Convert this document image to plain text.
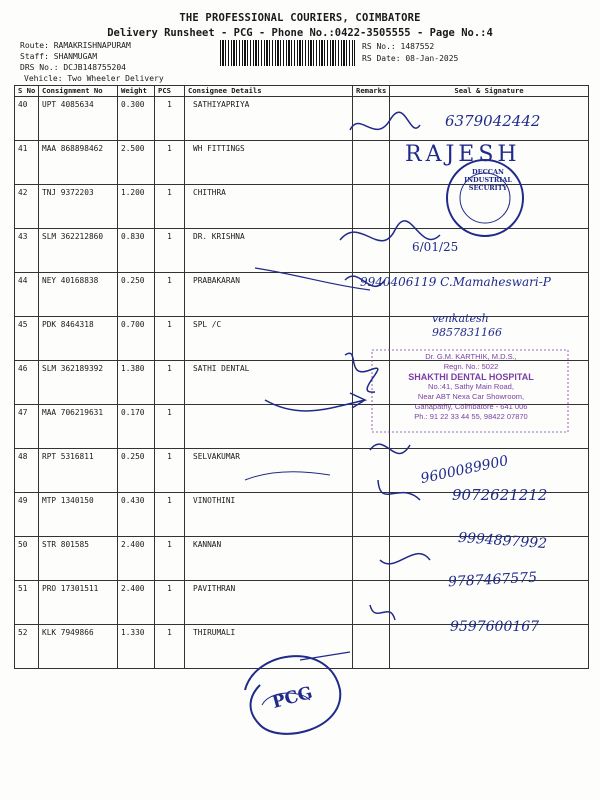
THE PROFESSIONAL COURIERS, COIMBATORE
Delivery Runsheet - PCG - Phone No.:0422-3505555 - Page No.:4
Route: RAMAKRISHNAPURAM
Staff: SHANMUGAM
DRS No.: DCJB148755204
Vehicle: Two Wheeler Delivery
RS No.: 1487552
RS Date: 08-Jan-2025
S No	Consignment No	Weight	PCS	Consignee Details	Remarks	Seal & Signature
40	UPT 4085634	0.300	1	SATHIYAPRIYA		
41	MAA 868898462	2.500	1	WH FITTINGS		
42	TNJ 9372203	1.200	1	CHITHRA		
43	SLM 362212860	0.830	1	DR. KRISHNA		
44	NEY 40168838	0.250	1	PRABAKARAN		
45	PDK 8464318	0.700	1	SPL /C		
46	SLM 362189392	1.380	1	SATHI DENTAL		
47	MAA 706219631	0.170	1			
48	RPT 5316811	0.250	1	SELVAKUMAR		
49	MTP 1340150	0.430	1	VINOTHINI		
50	STR 801585	2.400	1	KANNAN		
51	PRO 17301511	2.400	1	PAVITHRAN		
52	KLK 7949866	1.330	1	THIRUMALI		
6379042442
RAJESH
6/01/25
9940406119 C.Mamaheswari-P
venkatesh 9857831166
9600089900
9072621212
9994897992
9787467575
9597600167
PCG
DECCAN INDUSTRIAL SECURITY
Dr. G.M. KARTHIK, M.D.S.,
Regn. No.: 5022
SHAKTHI DENTAL HOSPITAL
No.:41, Sathy Main Road,
Near ABT Nexa Car Showroom,
Ganapathy, Coimbatore - 641 006
Ph.: 91 22 33 44 55, 98422 07870
